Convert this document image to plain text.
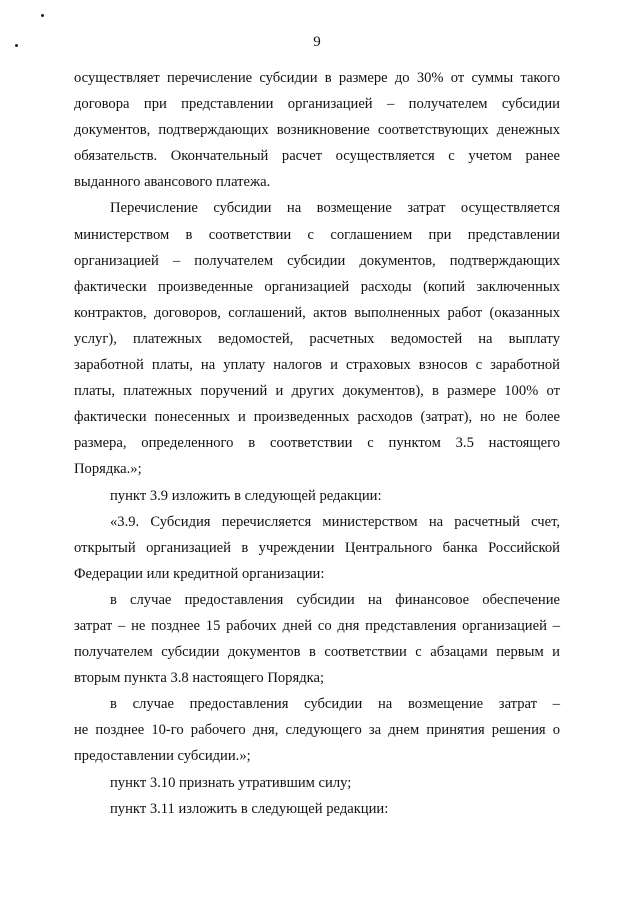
9
осуществляет перечисление субсидии в размере до 30% от суммы такого
договора при представлении организацией – получателем субсидии
документов, подтверждающих возникновение соответствующих денежных
обязательств. Окончательный расчет осуществляется с учетом ранее
выданного авансового платежа.
Перечисление субсидии на возмещение затрат осуществляется
министерством в соответствии с соглашением при представлении
организацией – получателем субсидии документов, подтверждающих
фактически произведенные организацией расходы (копий заключенных
контрактов, договоров, соглашений, актов выполненных работ (оказанных
услуг), платежных ведомостей, расчетных ведомостей на выплату
заработной платы, на уплату налогов и страховых взносов с заработной
платы, платежных поручений и других документов), в размере 100% от
фактически понесенных и произведенных расходов (затрат), но не более
размера, определенного в соответствии с пунктом 3.5 настоящего
Порядка.»;
пункт 3.9 изложить в следующей редакции:
«3.9. Субсидия перечисляется министерством на расчетный счет,
открытый организацией в учреждении Центрального банка Российской
Федерации или кредитной организации:
в случае предоставления субсидии на финансовое обеспечение
затрат – не позднее 15 рабочих дней со дня представления организацией –
получателем субсидии документов в соответствии с абзацами первым и
вторым пункта 3.8 настоящего Порядка;
в случае предоставления субсидии на возмещение затрат –
не позднее 10-го рабочего дня, следующего за днем принятия решения о
предоставлении субсидии.»;
пункт 3.10 признать утратившим силу;
пункт 3.11 изложить в следующей редакции:
